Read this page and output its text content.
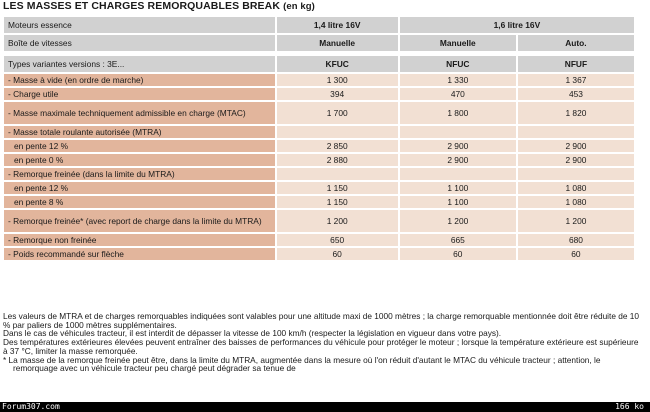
LES MASSES ET CHARGES REMORQUABLES BREAK (en kg)
Moteurs essence	1,4 litre 16V	1,6 litre 16V	
Boîte de vitesses	Manuelle	Manuelle	Auto.

Types variantes versions : 3E...	KFUC	NFUC	NFUF
- Masse à vide (en ordre de marche)	1 300	1 330	1 367
- Charge utile	394	470	453
- Masse maximale techniquement admissible en charge (MTAC)	1 700	1 800	1 820
- Masse totale roulante autorisée (MTRA)			
en pente 12 %	2 850	2 900	2 900
en pente 0 %	2 880	2 900	2 900
- Remorque freinée (dans la limite du MTRA)			
en pente 12 %	1 150	1 100	1 080
en pente 8 %	1 150	1 100	1 080
- Remorque freinée* (avec report de charge dans la limite du MTRA)	1 200	1 200	1 200
- Remorque non freinée	650	665	680
- Poids recommandé sur flèche	60	60	60

Les valeurs de MTRA et de charges remorquables indiquées sont valables pour une altitude maxi de 1000 mètres ; la charge remorquable mentionnée doit être réduite de 10 % par paliers de 1000 mètres supplémentaires.

Dans le cas de véhicules tracteur, il est interdit de dépasser la vitesse de 100 km/h (respecter la législation en vigueur dans votre pays).

Des températures extérieures élevées peuvent entraîner des baisses de performances du véhicule pour protéger le moteur ; lorsque la température extérieure est supérieure à 37 °C, limiter la masse remorquée.

* La masse de la remorque freinée peut être, dans la limite du MTRA, augmentée dans la mesure où l'on réduit d'autant le MTAC du véhicule tracteur ; attention, le remorquage avec un véhicule tracteur peu chargé peut dégrader sa tenue de

Forum307.com	166 ko
